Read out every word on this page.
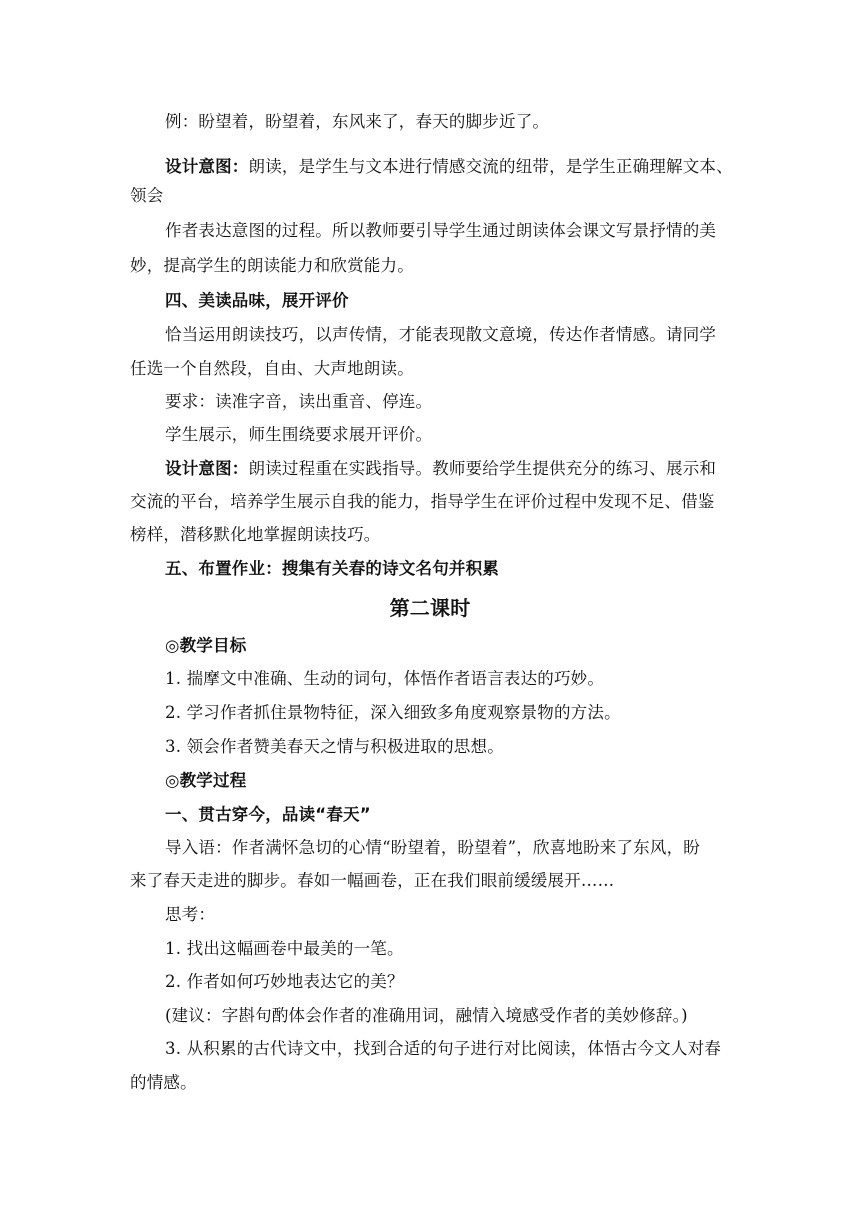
例：盼望着，盼望着，东风来了，春天的脚步近了。
设计意图：朗读，是学生与文本进行情感交流的纽带，是学生正确理解文本、
领会
作者表达意图的过程。所以教师要引导学生通过朗读体会课文写景抒情的美
妙，提高学生的朗读能力和欣赏能力。
四、美读品味，展开评价
恰当运用朗读技巧，以声传情，才能表现散文意境，传达作者情感。请同学
任选一个自然段，自由、大声地朗读。
要求：读准字音，读出重音、停连。
学生展示，师生围绕要求展开评价。
设计意图：朗读过程重在实践指导。教师要给学生提供充分的练习、展示和
交流的平台，培养学生展示自我的能力，指导学生在评价过程中发现不足、借鉴
榜样，潜移默化地掌握朗读技巧。
五、布置作业：搜集有关春的诗文名句并积累
第二课时
◎教学目标
1. 揣摩文中准确、生动的词句，体悟作者语言表达的巧妙。
2. 学习作者抓住景物特征，深入细致多角度观察景物的方法。
3. 领会作者赞美春天之情与积极进取的思想。
◎教学过程
一、贯古穿今，品读“春天”
导入语：作者满怀急切的心情“盼望着，盼望着”，欣喜地盼来了东风，盼
来了春天走进的脚步。春如一幅画卷，正在我们眼前缓缓展开……
思考：
1. 找出这幅画卷中最美的一笔。
2. 作者如何巧妙地表达它的美？
(建议：字斟句酌体会作者的准确用词，融情入境感受作者的美妙修辞。)
3. 从积累的古代诗文中，找到合适的句子进行对比阅读，体悟古今文人对春
的情感。
